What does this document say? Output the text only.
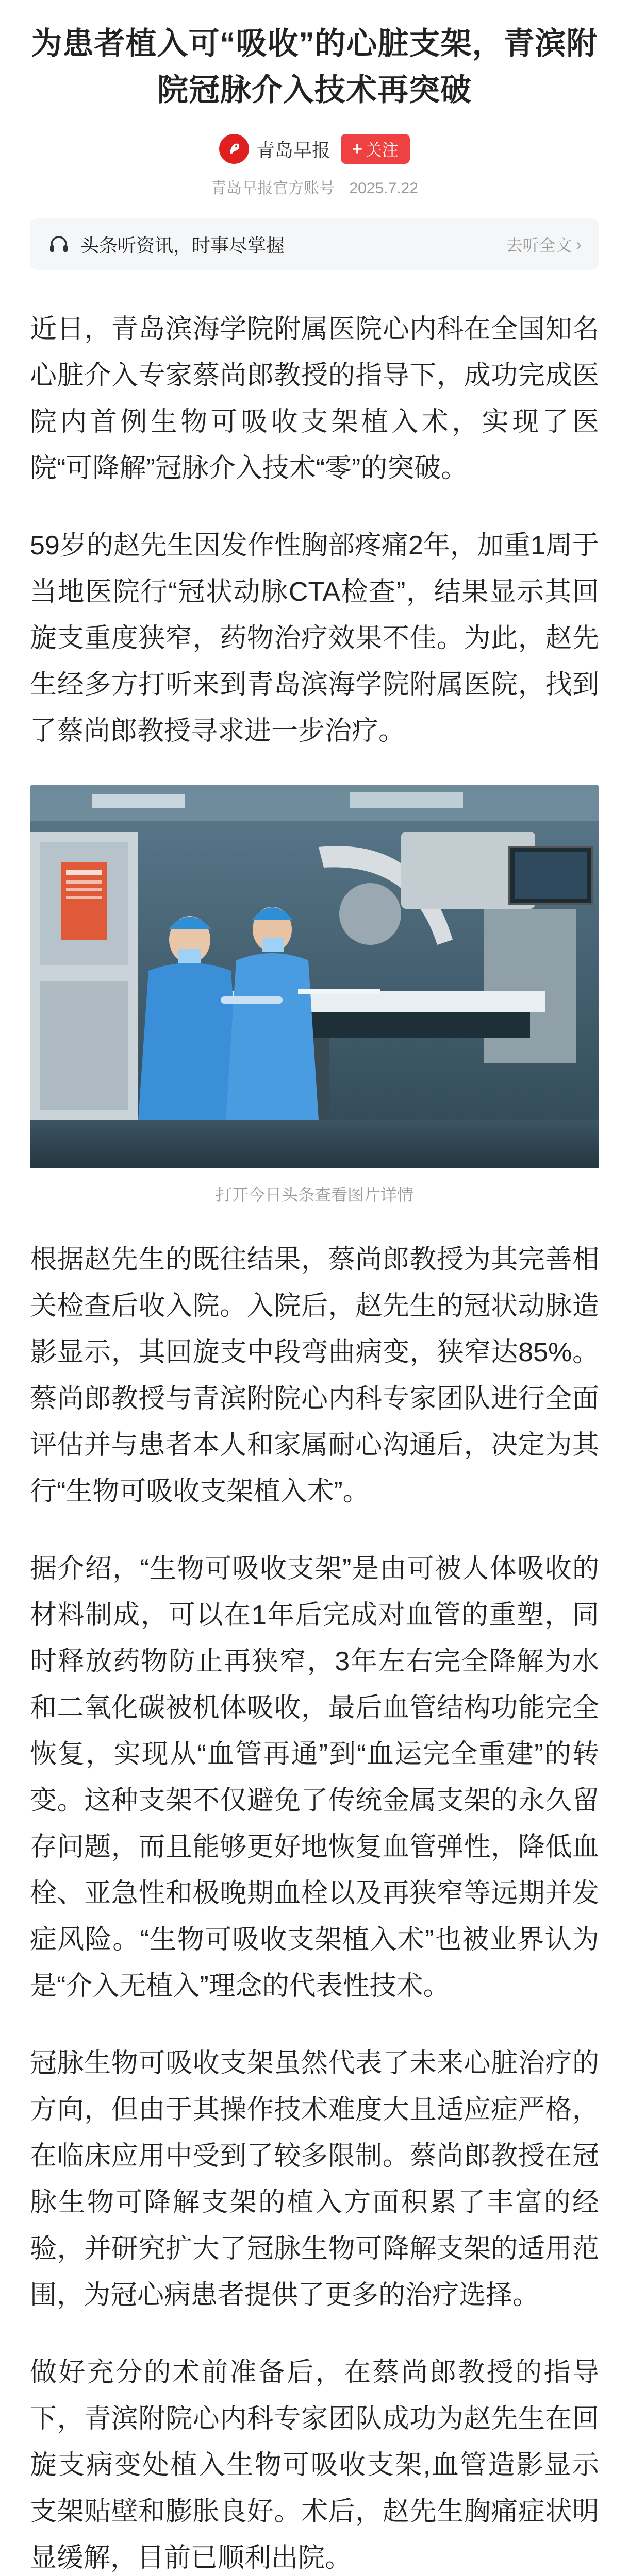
为患者植入可“吸收”的心脏支架，青滨附院冠脉介入技术再突破
青岛早报 + 关注
青岛早报官方账号 2025.7.22
头条听资讯，时事尽掌握	去听全文 ›

近日，青岛滨海学院附属医院心内科在全国知名心脏介入专家蔡尚郎教授的指导下，成功完成医院内首例生物可吸收支架植入术，实现了医院“可降解”冠脉介入技术“零”的突破。

59岁的赵先生因发作性胸部疼痛2年，加重1周于当地医院行“冠状动脉CTA检查”，结果显示其回旋支重度狭窄，药物治疗效果不佳。为此，赵先生经多方打听来到青岛滨海学院附属医院，找到了蔡尚郎教授寻求进一步治疗。

打开今日头条查看图片详情

根据赵先生的既往结果，蔡尚郎教授为其完善相关检查后收入院。入院后，赵先生的冠状动脉造影显示，其回旋支中段弯曲病变，狭窄达85%。蔡尚郎教授与青滨附院心内科专家团队进行全面评估并与患者本人和家属耐心沟通后，决定为其行“生物可吸收支架植入术”。

据介绍，“生物可吸收支架”是由可被人体吸收的材料制成，可以在1年后完成对血管的重塑，同时释放药物防止再狭窄，3年左右完全降解为水和二氧化碳被机体吸收，最后血管结构功能完全恢复，实现从“血管再通”到“血运完全重建”的转变。这种支架不仅避免了传统金属支架的永久留存问题，而且能够更好地恢复血管弹性，降低血栓、亚急性和极晚期血栓以及再狭窄等远期并发症风险。“生物可吸收支架植入术”也被业界认为是“介入无植入”理念的代表性技术。

冠脉生物可吸收支架虽然代表了未来心脏治疗的方向，但由于其操作技术难度大且适应症严格，在临床应用中受到了较多限制。蔡尚郎教授在冠脉生物可降解支架的植入方面积累了丰富的经验，并研究扩大了冠脉生物可降解支架的适用范围，为冠心病患者提供了更多的治疗选择。

做好充分的术前准备后，在蔡尚郎教授的指导下，青滨附院心内科专家团队成功为赵先生在回旋支病变处植入生物可吸收支架,血管造影显示支架贴壁和膨胀良好。术后，赵先生胸痛症状明显缓解，目前已顺利出院。
